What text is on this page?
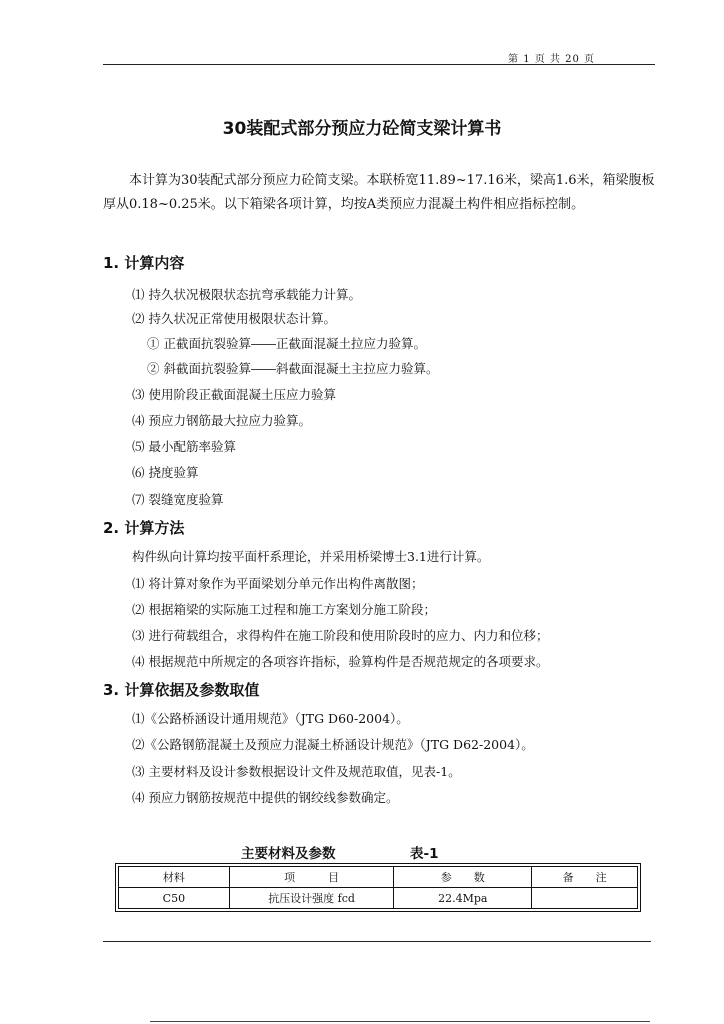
第 1 页 共 20 页
30装配式部分预应力砼简支梁计算书
本计算为30装配式部分预应力砼简支梁。本联桥宽11.89~17.16米，梁高1.6米，箱梁腹板厚从0.18~0.25米。以下箱梁各项计算，均按A类预应力混凝土构件相应指标控制。
1. 计算内容
⑴ 持久状况极限状态抗弯承载能力计算。
⑵ 持久状况正常使用极限状态计算。
① 正截面抗裂验算――正截面混凝土拉应力验算。
② 斜截面抗裂验算――斜截面混凝土主拉应力验算。
⑶ 使用阶段正截面混凝土压应力验算
⑷ 预应力钢筋最大拉应力验算。
⑸ 最小配筋率验算
⑹ 挠度验算
⑺ 裂缝宽度验算
2. 计算方法
构件纵向计算均按平面杆系理论，并采用桥梁博士3.1进行计算。
⑴ 将计算对象作为平面梁划分单元作出构件离散图；
⑵ 根据箱梁的实际施工过程和施工方案划分施工阶段；
⑶ 进行荷载组合，求得构件在施工阶段和使用阶段时的应力、内力和位移；
⑷ 根据规范中所规定的各项容许指标，验算构件是否规范规定的各项要求。
3. 计算依据及参数取值
⑴《公路桥涵设计通用规范》（JTG D60-2004）。
⑵《公路钢筋混凝土及预应力混凝土桥涵设计规范》（JTG D62-2004）。
⑶ 主要材料及设计参数根据设计文件及规范取值，见表-1。
⑷ 预应力钢筋按规范中提供的钢绞线参数确定。
主要材料及参数	表-1
材料	项　　　目	参　　数	备　　注
C50	抗压设计强度 fcd	22.4Mpa	
